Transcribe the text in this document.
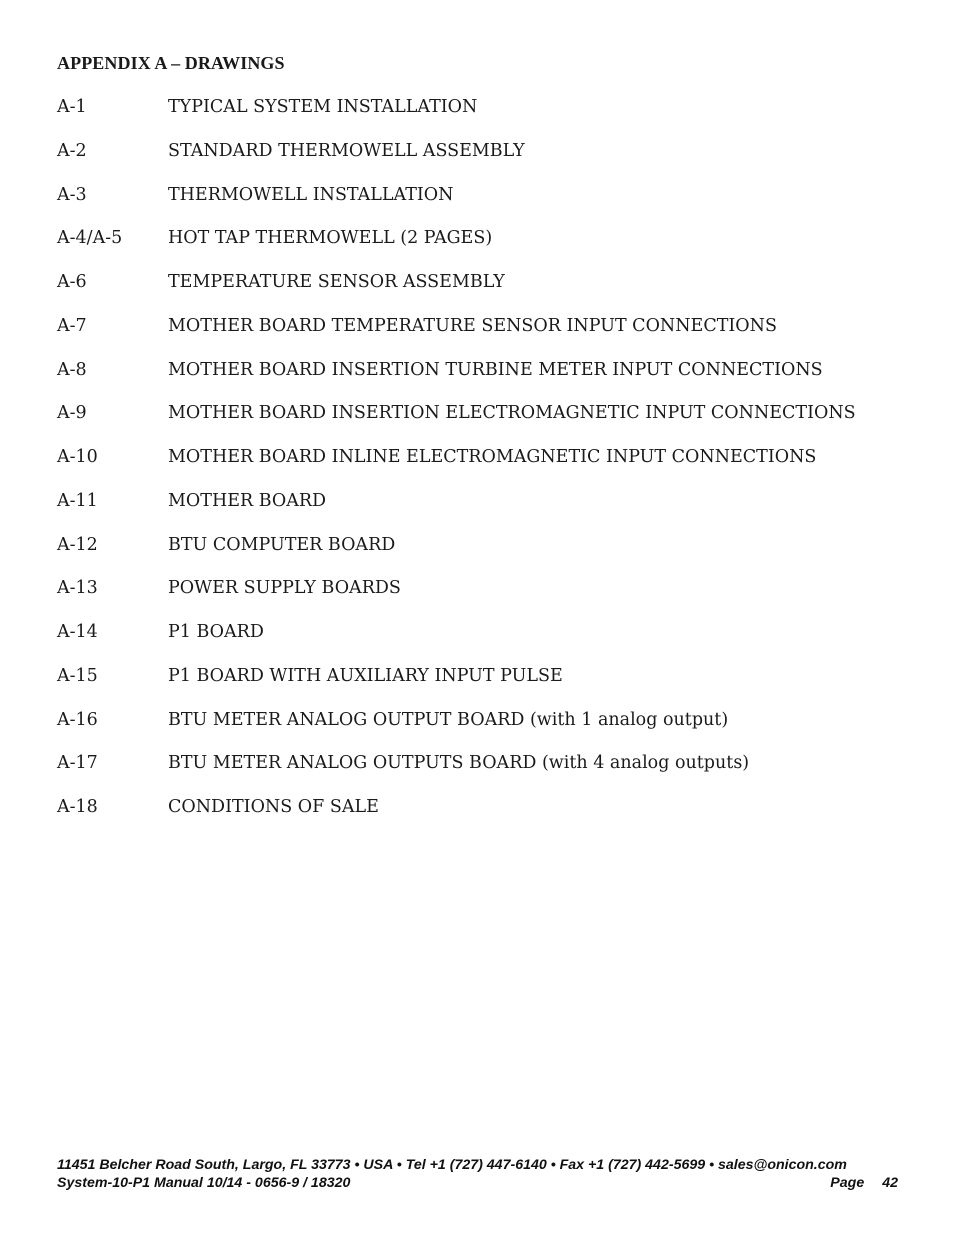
APPENDIX A – DRAWINGS
A-1	TYPICAL SYSTEM INSTALLATION
A-2	STANDARD THERMOWELL ASSEMBLY
A-3	THERMOWELL INSTALLATION
A-4/A-5	HOT TAP THERMOWELL (2 PAGES)
A-6	TEMPERATURE SENSOR ASSEMBLY
A-7	MOTHER BOARD TEMPERATURE SENSOR INPUT CONNECTIONS
A-8	MOTHER BOARD INSERTION TURBINE METER INPUT CONNECTIONS
A-9	MOTHER BOARD INSERTION ELECTROMAGNETIC INPUT CONNECTIONS
A-10	MOTHER BOARD INLINE ELECTROMAGNETIC INPUT CONNECTIONS
A-11	MOTHER BOARD
A-12	BTU COMPUTER BOARD
A-13	POWER SUPPLY BOARDS
A-14	P1 BOARD
A-15	P1 BOARD WITH AUXILIARY INPUT PULSE
A-16	BTU METER ANALOG OUTPUT BOARD (with 1 analog output)
A-17	BTU METER ANALOG OUTPUTS BOARD (with 4 analog outputs)
A-18	CONDITIONS OF SALE
11451 Belcher Road South, Largo, FL 33773 • USA • Tel +1 (727) 447-6140 • Fax +1 (727) 442-5699 • sales@onicon.com
System-10-P1 Manual 10/14 - 0656-9 / 18320	Page 42
